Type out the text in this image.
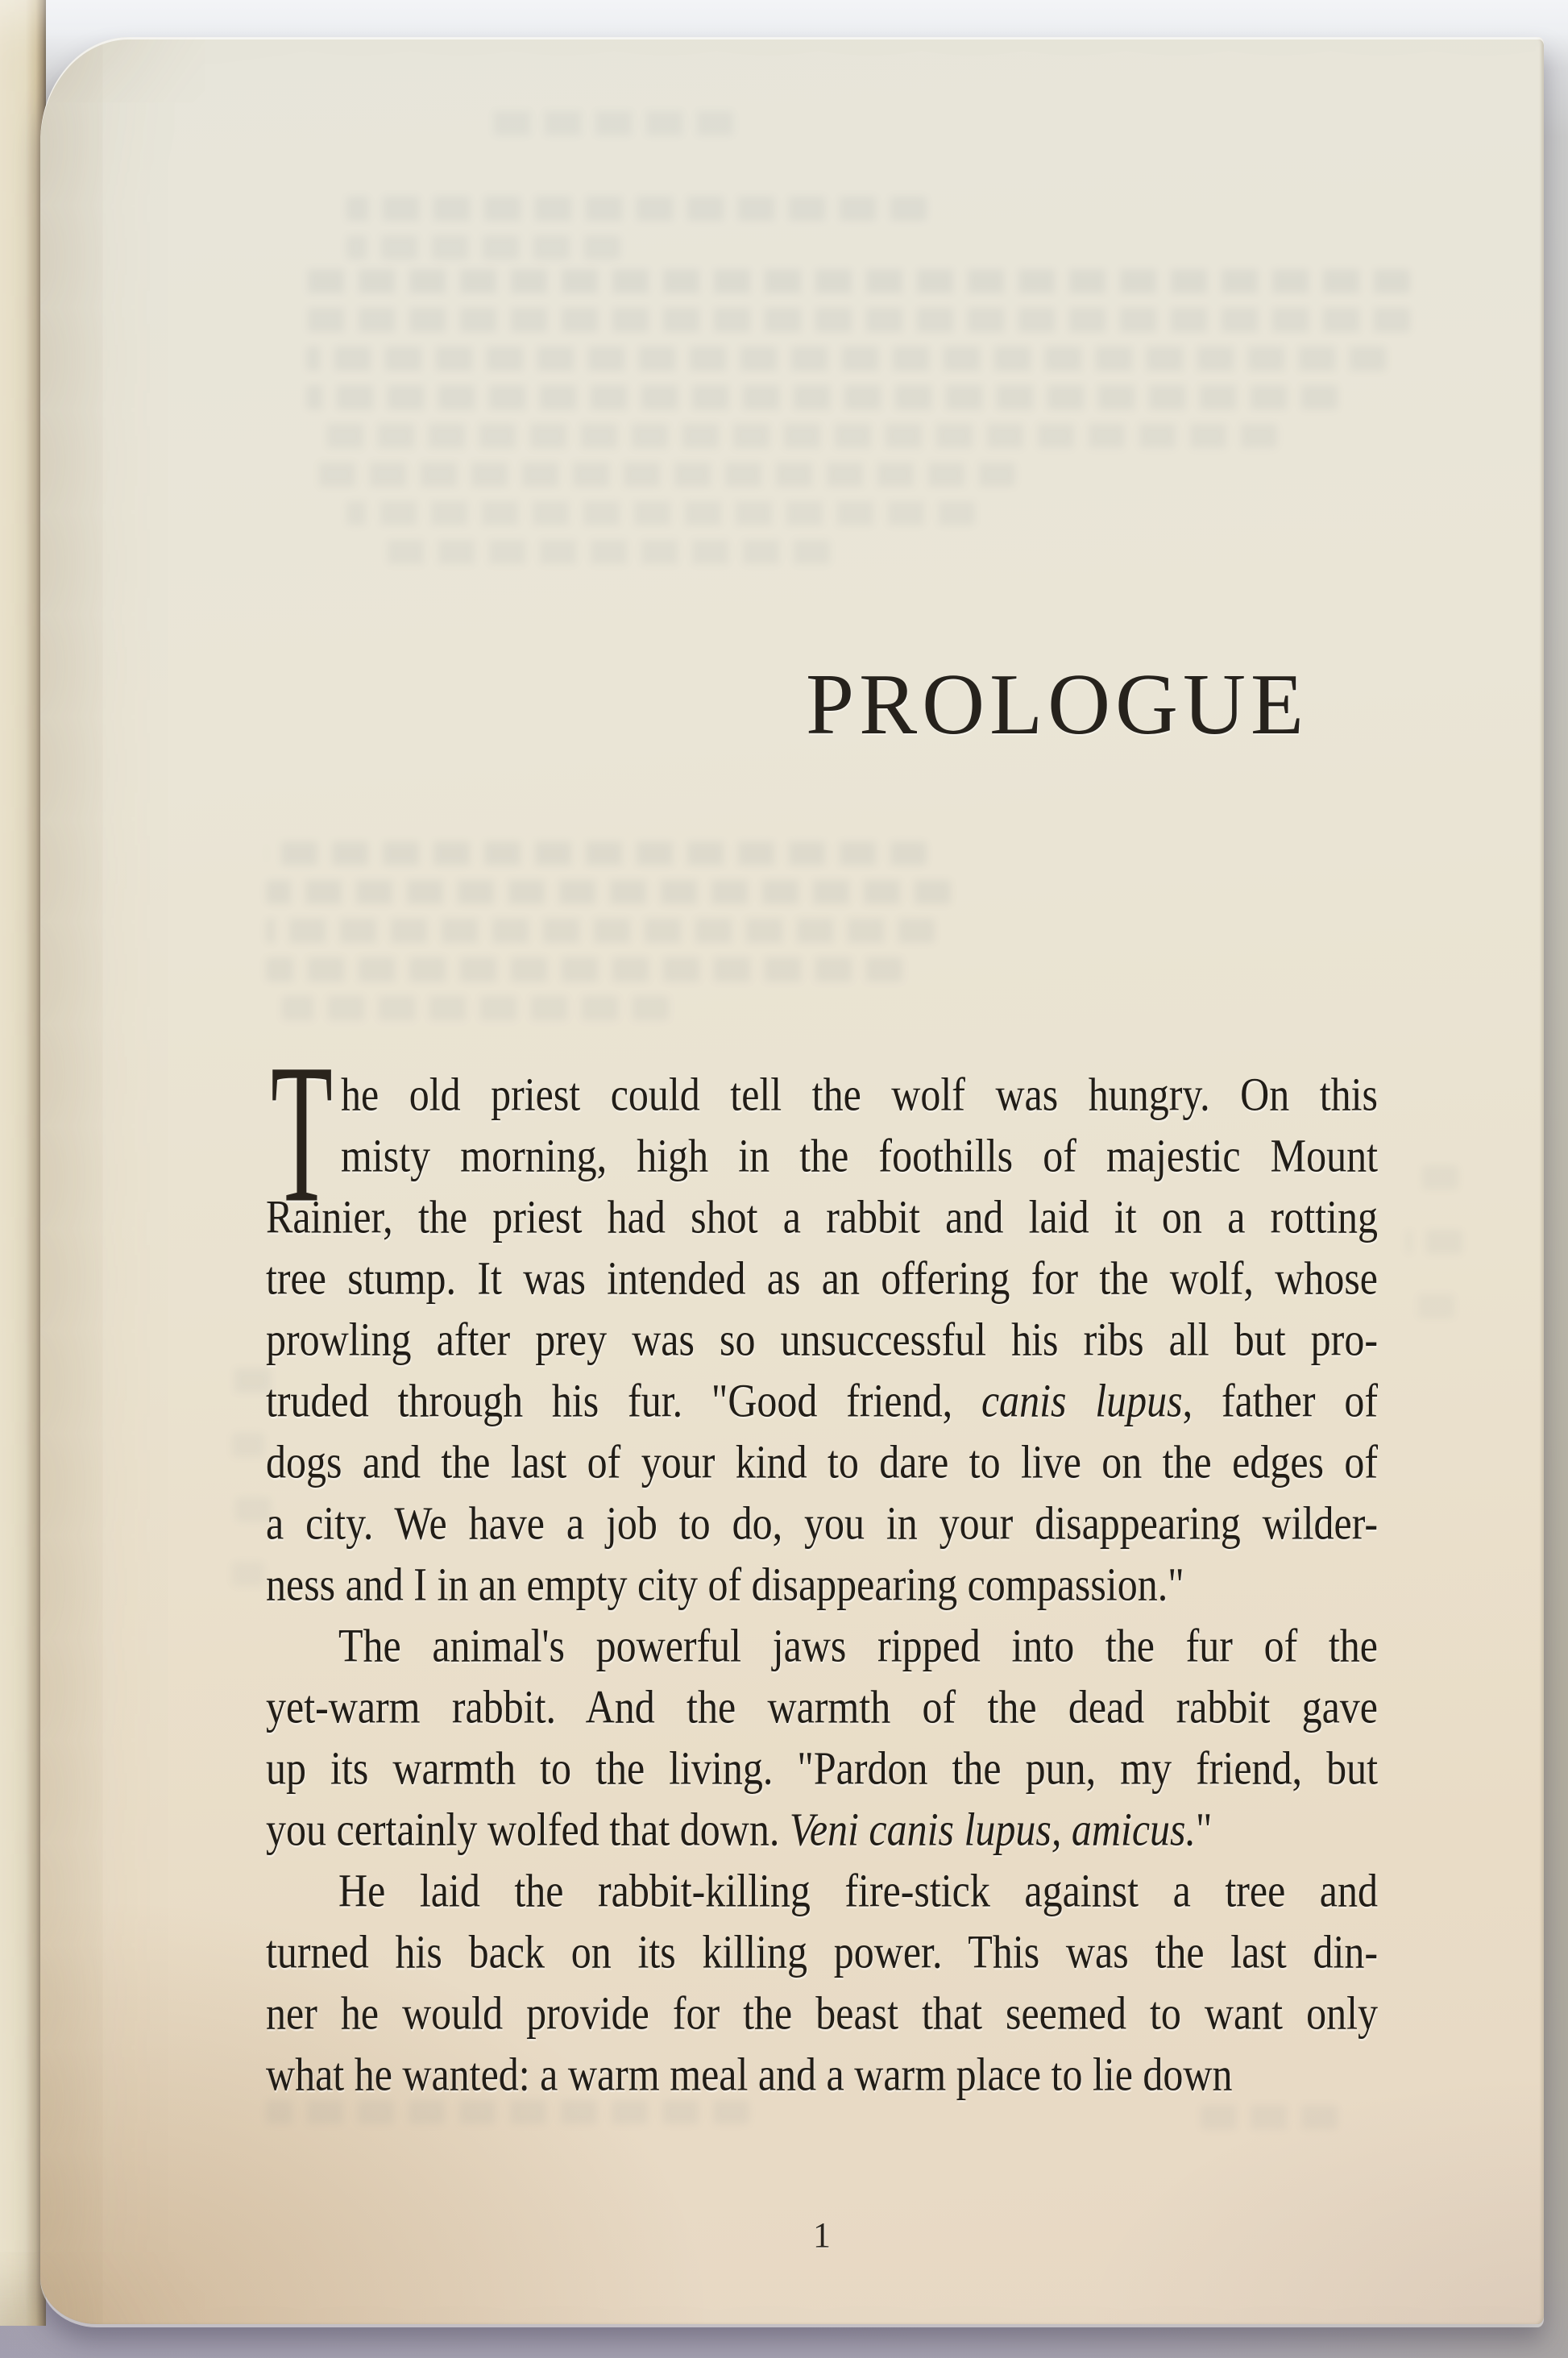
PROLOGUE
T he old priest could tell the wolf was hungry. On this
misty morning, high in the foothills of majestic Mount
Rainier, the priest had shot a rabbit and laid it on a rotting
tree stump. It was intended as an offering for the wolf, whose
prowling after prey was so unsuccessful his ribs all but pro-
truded through his fur. "Good friend, canis lupus, father of
dogs and the last of your kind to dare to live on the edges of
a city. We have a job to do, you in your disappearing wilder-
ness and I in an empty city of disappearing compassion."
The animal's powerful jaws ripped into the fur of the
yet-warm rabbit. And the warmth of the dead rabbit gave
up its warmth to the living. "Pardon the pun, my friend, but
you certainly wolfed that down. Veni canis lupus, amicus."
He laid the rabbit-killing fire-stick against a tree and
turned his back on its killing power. This was the last din-
ner he would provide for the beast that seemed to want only
what he wanted: a warm meal and a warm place to lie down
1
